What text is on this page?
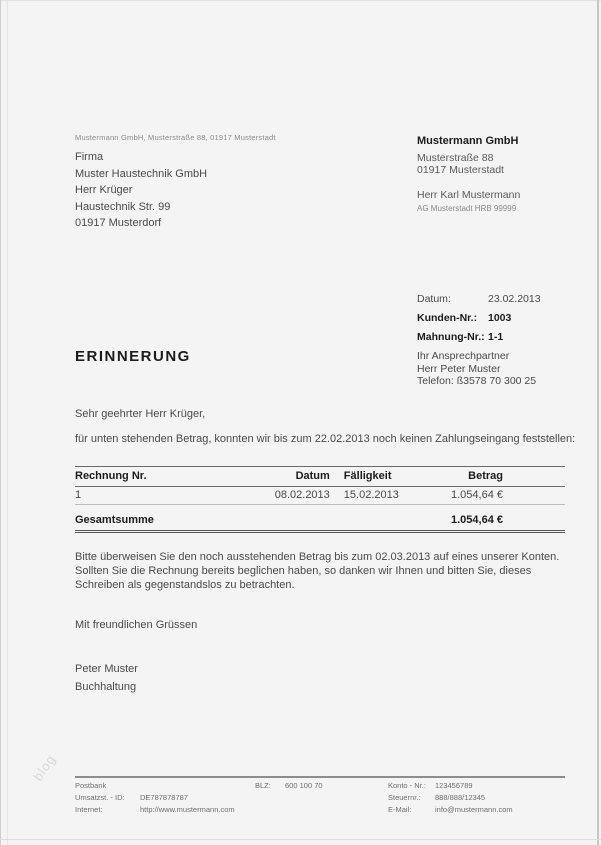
blog
Mustermann GmbH, Musterstraße 88, 01917 Musterstadt
Firma
Muster Haustechnik GmbH
Herr Krüger
Haustechnik Str. 99
01917 Musterdorf
Mustermann GmbH
Musterstraße 88
01917 Musterstadt
Herr Karl Mustermann
AG Musterstadt HRB 99999
Datum:	23.02.2013
Kunden-Nr.:	1003
Mahnung-Nr.: 1-1
Ihr Ansprechpartner
Herr Peter Muster
Telefon: ß3578 70 300 25
ERINNERUNG
Sehr geehrter Herr Krüger,
für unten stehenden Betrag, konnten wir bis zum 22.02.2013 noch keinen Zahlungseingang feststellen:
Rechnung Nr.	Datum	Fälligkeit	Betrag
1	08.02.2013	15.02.2013	1.054,64 €
Gesamtsumme			1.054,64 €
Bitte überweisen Sie den noch ausstehenden Betrag bis zum 02.03.2013 auf eines unserer Konten. Sollten Sie die Rechnung bereits beglichen haben, so danken wir Ihnen und bitten Sie, dieses Schreiben als gegenstandslos zu betrachten.
Mit freundlichen Grüssen
Peter Muster
Buchhaltung
Postbank	BLZ: 600 100 70	Konto - Nr.: 123456789
Umsatzst. - ID: DE787878787	Steuernr.: 888/888/12345
Internet:	http://www.mustermann.com	E-Mail:	info@mustermann.com
